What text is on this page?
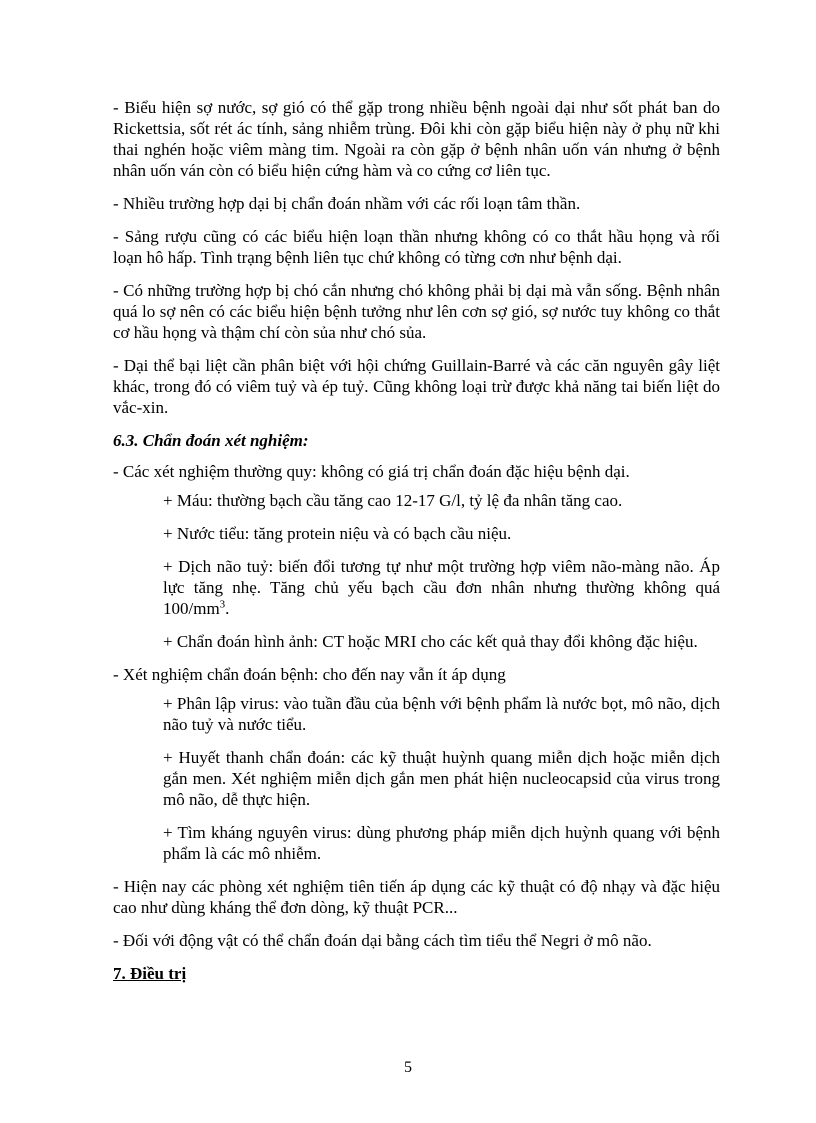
- Biểu hiện sợ nước, sợ gió có thể gặp trong nhiều bệnh ngoài dại như sốt phát ban do Rickettsia, sốt rét ác tính, sảng nhiễm trùng. Đôi khi còn gặp biểu hiện này ở phụ nữ khi thai nghén hoặc viêm màng tim. Ngoài ra còn gặp ở bệnh nhân uốn ván nhưng ở bệnh nhân uốn ván còn có biểu hiện cứng hàm và co cứng cơ liên tục.

- Nhiều trường hợp dại bị chẩn đoán nhầm với các rối loạn tâm thần.

- Sảng rượu cũng có các biểu hiện loạn thần nhưng không có co thắt hầu họng và rối loạn hô hấp. Tình trạng bệnh liên tục chứ không có từng cơn như bệnh dại.

- Có những trường hợp bị chó cắn nhưng chó không phải bị dại mà vẫn sống. Bệnh nhân quá lo sợ nên có các biểu hiện bệnh tưởng như lên cơn sợ gió, sợ nước tuy không co thắt cơ hầu họng và thậm chí còn sủa như chó sủa.

- Dại thể bại liệt cần phân biệt với hội chứng Guillain-Barré và các căn nguyên gây liệt khác, trong đó có viêm tuỷ và ép tuỷ. Cũng không loại trừ được khả năng tai biến liệt do vắc-xin.

6.3. Chẩn đoán xét nghiệm:

- Các xét nghiệm thường quy: không có giá trị chẩn đoán đặc hiệu bệnh dại.

+ Máu: thường bạch cầu tăng cao 12-17 G/l, tỷ lệ đa nhân tăng cao.

+ Nước tiểu: tăng protein niệu và có bạch cầu niệu.

+ Dịch não tuỷ: biến đổi tương tự như một trường hợp viêm não-màng não. Áp lực tăng nhẹ. Tăng chủ yếu bạch cầu đơn nhân nhưng thường không quá $100/mm^3$.

+ Chẩn đoán hình ảnh: CT hoặc MRI cho các kết quả thay đổi không đặc hiệu.

- Xét nghiệm chẩn đoán bệnh: cho đến nay vẫn ít áp dụng

+ Phân lập virus: vào tuần đầu của bệnh với bệnh phẩm là nước bọt, mô não, dịch não tuỷ và nước tiểu.

+ Huyết thanh chẩn đoán: các kỹ thuật huỳnh quang miễn dịch hoặc miễn dịch gắn men. Xét nghiệm miễn dịch gắn men phát hiện nucleocapsid của virus trong mô não, dễ thực hiện.

+ Tìm kháng nguyên virus: dùng phương pháp miễn dịch huỳnh quang với bệnh phẩm là các mô nhiễm.

- Hiện nay các phòng xét nghiệm tiên tiến áp dụng các kỹ thuật có độ nhạy và đặc hiệu cao như dùng kháng thể đơn dòng, kỹ thuật PCR...

- Đối với động vật có thể chẩn đoán dại bằng cách tìm tiểu thể Negri ở mô não.

7. Điều trị
5
